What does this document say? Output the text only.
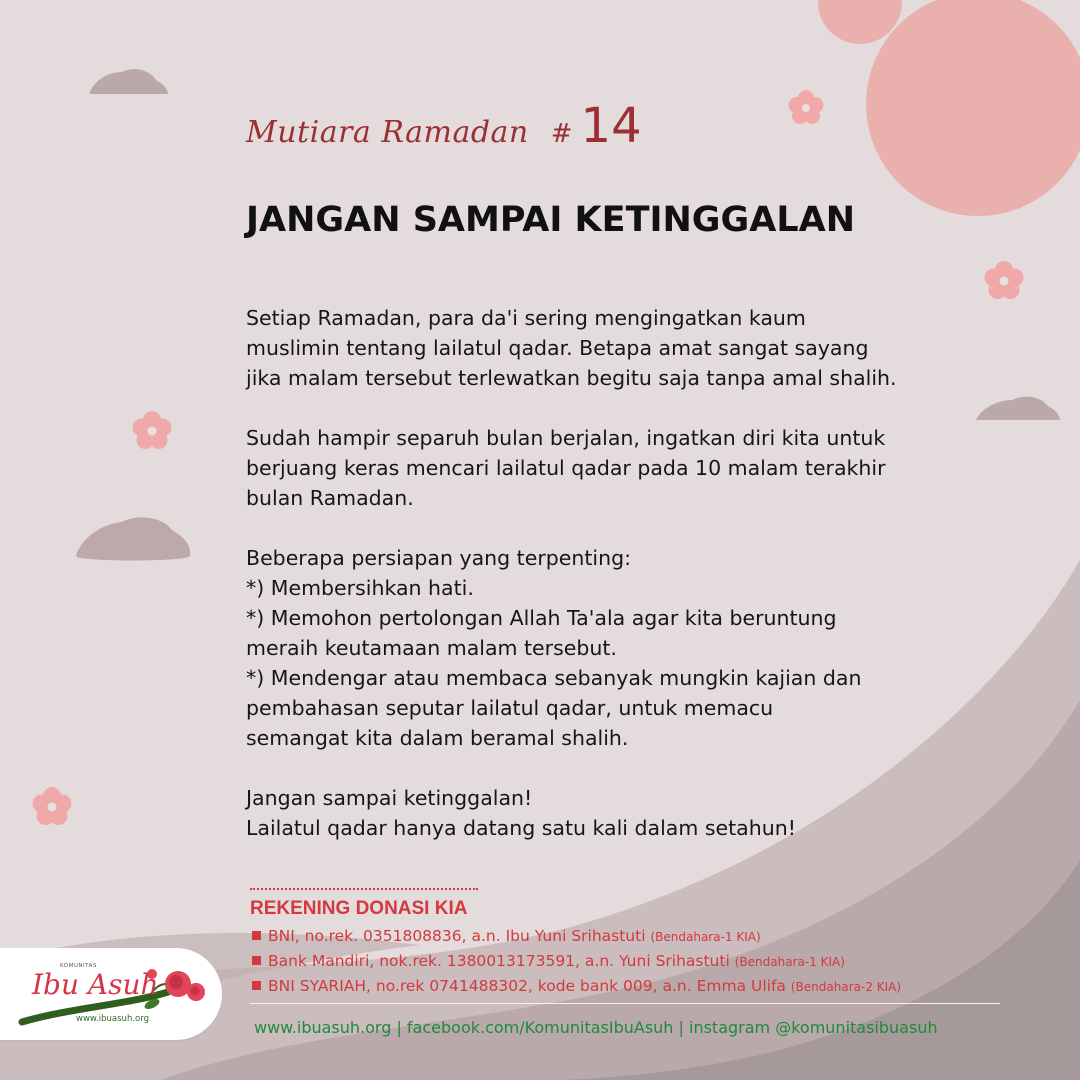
Mutiara Ramadan # 14
JANGAN SAMPAI KETINGGALAN

Setiap Ramadan, para da'i sering mengingatkan kaum

muslimin tentang lailatul qadar. Betapa amat sangat sayang

jika malam tersebut terlewatkan begitu saja tanpa amal shalih.

Sudah hampir separuh bulan berjalan, ingatkan diri kita untuk

berjuang keras mencari lailatul qadar pada 10 malam terakhir

bulan Ramadan.

Beberapa persiapan yang terpenting:

*) Membersihkan hati.

*) Memohon pertolongan Allah Ta'ala agar kita beruntung

meraih keutamaan malam tersebut.

*) Mendengar atau membaca sebanyak mungkin kajian dan

pembahasan seputar lailatul qadar, untuk memacu

semangat kita dalam beramal shalih.

Jangan sampai ketinggalan!

Lailatul qadar hanya datang satu kali dalam setahun!

REKENING DONASI KIA
BNI, no.rek. 0351808836, a.n. Ibu Yuni Srihastuti (Bendahara-1 KIA)
Bank Mandiri, nok.rek. 1380013173591, a.n. Yuni Srihastuti (Bendahara-1 KIA)
BNI SYARIAH, no.rek 0741488302, kode bank 009, a.n. Emma Ulifa (Bendahara-2 KIA)
KOMUNITAS
Ibu Asuh
www.ibuasuh.org	www.ibuasuh.org | facebook.com/KomunitasIbuAsuh | instagram @komunitasibuasuh
